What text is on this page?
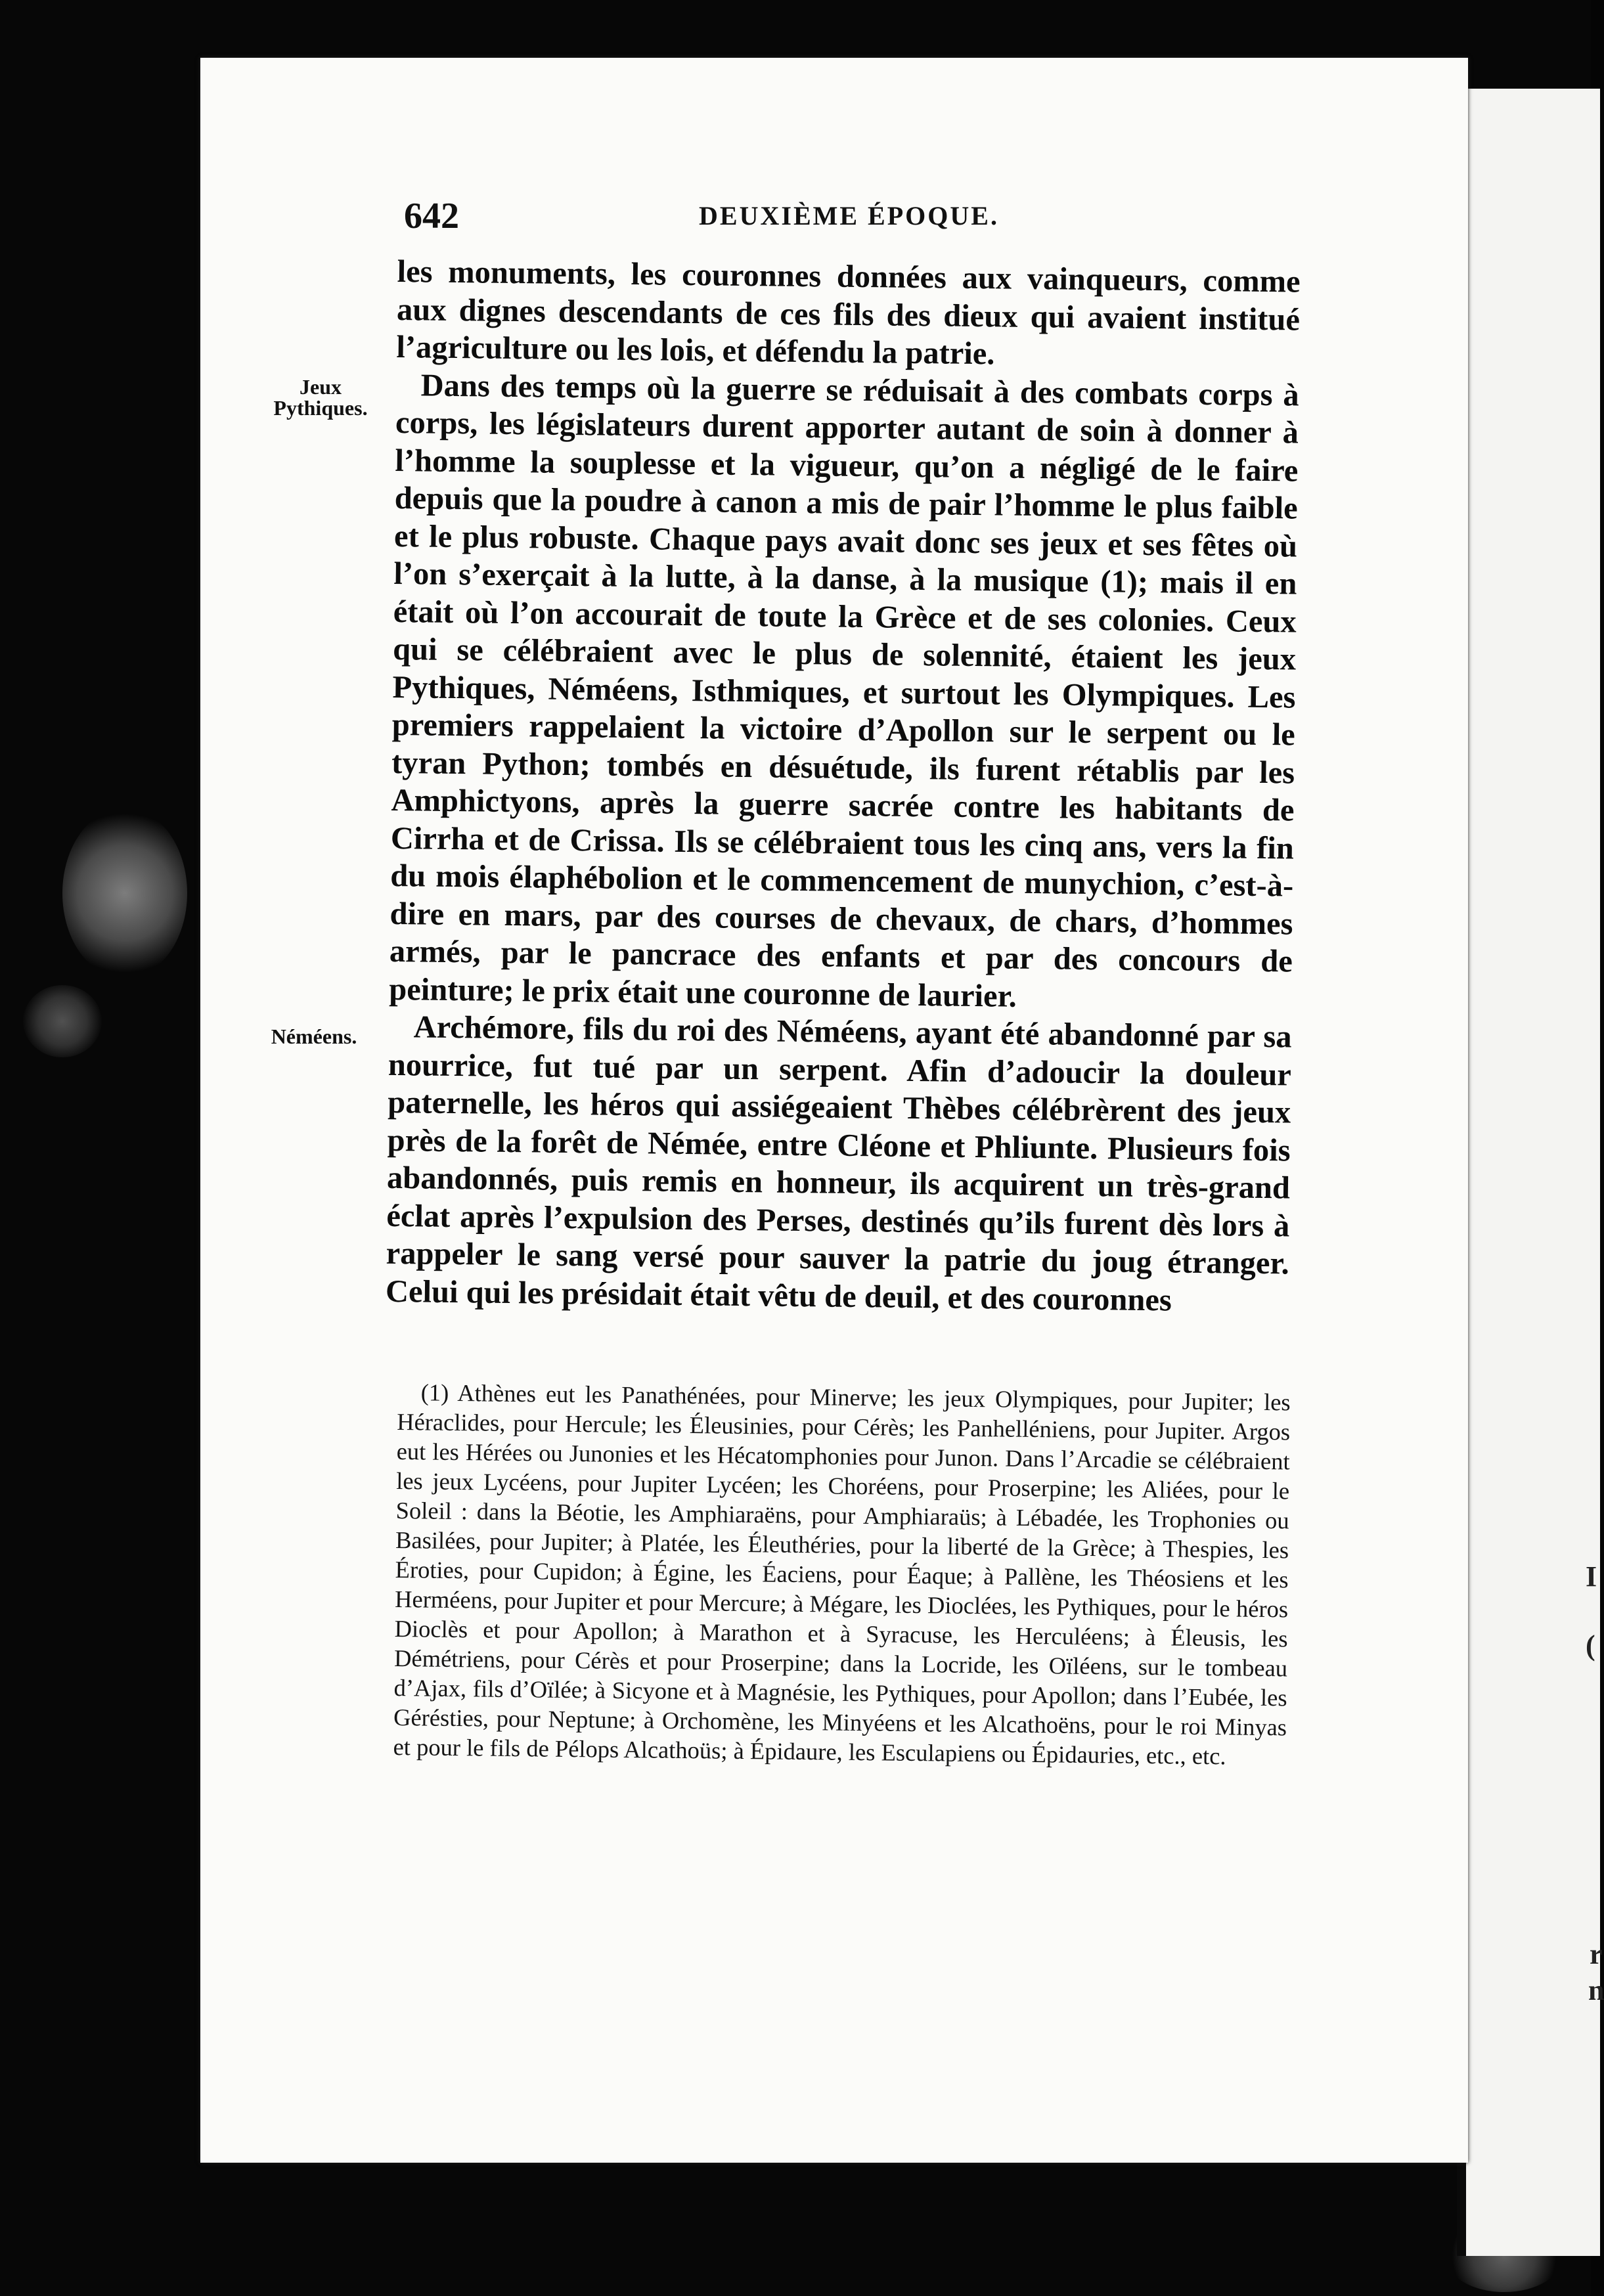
I
(
r
n
642	DEUXIÈME ÉPOQUE.
Jeux
Pythiques.
Néméens.

les monuments, les couronnes données aux vainqueurs, comme aux dignes descendants de ces fils des dieux qui avaient institué l’agriculture ou les lois, et défendu la patrie.

Dans des temps où la guerre se réduisait à des combats corps à corps, les législateurs durent apporter autant de soin à donner à l’homme la souplesse et la vigueur, qu’on a négligé de le faire depuis que la poudre à canon a mis de pair l’homme le plus faible et le plus robuste. Chaque pays avait donc ses jeux et ses fêtes où l’on s’exerçait à la lutte, à la danse, à la musique (1); mais il en était où l’on accourait de toute la Grèce et de ses colonies. Ceux qui se célébraient avec le plus de solennité, étaient les jeux Pythiques, Néméens, Isthmiques, et surtout les Olympiques. Les premiers rappelaient la victoire d’Apollon sur le serpent ou le tyran Python; tombés en désuétude, ils furent rétablis par les Amphictyons, après la guerre sacrée contre les habitants de Cirrha et de Crissa. Ils se célébraient tous les cinq ans, vers la fin du mois élaphébolion et le commencement de munychion, c’est-à-dire en mars, par des courses de chevaux, de chars, d’hommes armés, par le pancrace des enfants et par des concours de peinture; le prix était une couronne de laurier.

Archémore, fils du roi des Néméens, ayant été abandonné par sa nourrice, fut tué par un serpent. Afin d’adoucir la douleur paternelle, les héros qui assiégeaient Thèbes célébrèrent des jeux près de la forêt de Némée, entre Cléone et Phliunte. Plusieurs fois abandonnés, puis remis en honneur, ils acquirent un très-grand éclat après l’expulsion des Perses, destinés qu’ils furent dès lors à rappeler le sang versé pour sauver la patrie du joug étranger. Celui qui les présidait était vêtu de deuil, et des couronnes

(1) Athènes eut les Panathénées, pour Minerve; les jeux Olympiques, pour Jupiter; les Héraclides, pour Hercule; les Éleusinies, pour Cérès; les Panhelléniens, pour Jupiter. Argos eut les Hérées ou Junonies et les Hécatomphonies pour Junon. Dans l’Arcadie se célébraient les jeux Lycéens, pour Jupiter Lycéen; les Choréens, pour Proserpine; les Aliées, pour le Soleil : dans la Béotie, les Amphiaraëns, pour Amphiaraüs; à Lébadée, les Trophonies ou Basilées, pour Jupiter; à Platée, les Éleuthéries, pour la liberté de la Grèce; à Thespies, les Éroties, pour Cupidon; à Égine, les Éaciens, pour Éaque; à Pallène, les Théosiens et les Herméens, pour Jupiter et pour Mercure; à Mégare, les Dioclées, les Pythiques, pour le héros Dioclès et pour Apollon; à Marathon et à Syracuse, les Herculéens; à Éleusis, les Démétriens, pour Cérès et pour Proserpine; dans la Locride, les Oïléens, sur le tombeau d’Ajax, fils d’Oïlée; à Sicyone et à Magnésie, les Pythiques, pour Apollon; dans l’Eubée, les Gérésties, pour Neptune; à Orchomène, les Minyéens et les Alcathoëns, pour le roi Minyas et pour le fils de Pélops Alcathoüs; à Épidaure, les Esculapiens ou Épidauries, etc., etc.
